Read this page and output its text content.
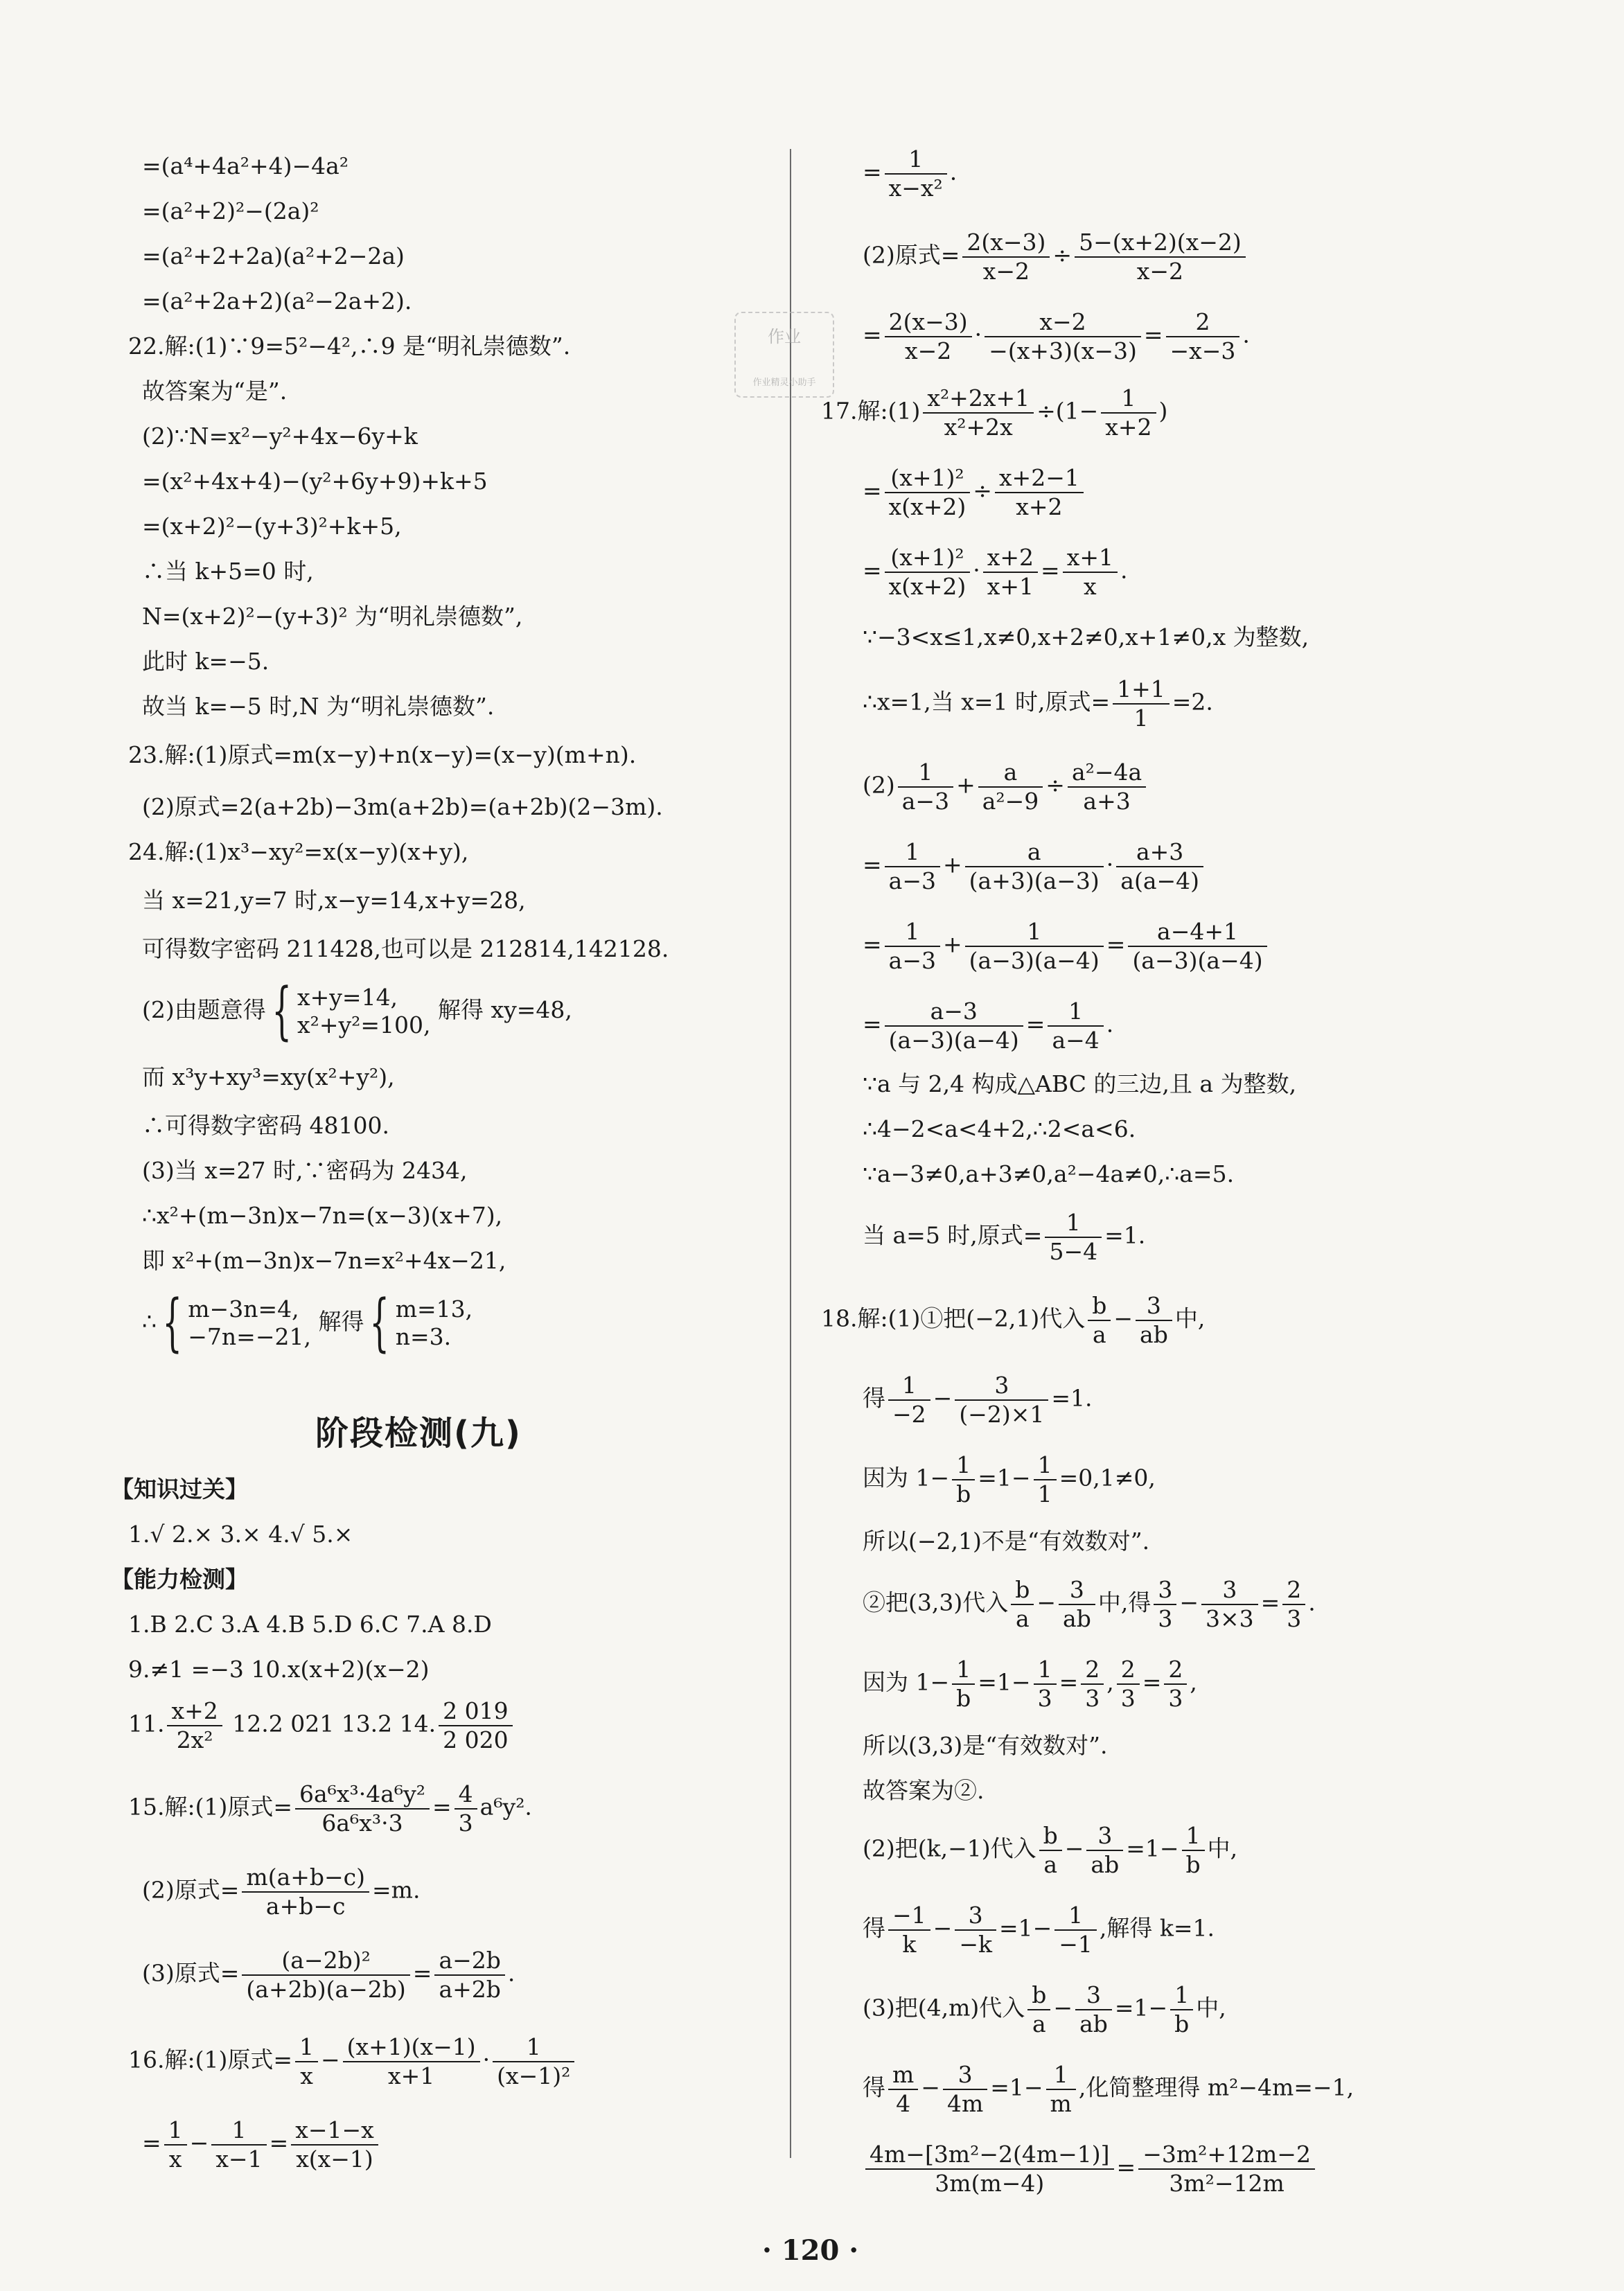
=(a⁴+4a²+4)−4a²
=(a²+2)²−(2a)²
=(a²+2+2a)(a²+2−2a)
=(a²+2a+2)(a²−2a+2).
22.解:(1)∵9=5²−4²,∴9 是“明礼崇德数”.
故答案为“是”.
(2)∵N=x²−y²+4x−6y+k
=(x²+4x+4)−(y²+6y+9)+k+5
=(x+2)²−(y+3)²+k+5,
∴当 k+5=0 时,
N=(x+2)²−(y+3)² 为“明礼崇德数”,
此时 k=−5.
故当 k=−5 时,N 为“明礼崇德数”.
23.解:(1)原式=m(x−y)+n(x−y)=(x−y)(m+n).
(2)原式=2(a+2b)−3m(a+2b)=(a+2b)(2−3m).
24.解:(1)x³−xy²=x(x−y)(x+y),
当 x=21,y=7 时,x−y=14,x+y=28,
可得数字密码 211428,也可以是 212814,142128.
(2)由题意得{ x+y=14,
x²+y²=100,
解得 xy=48,
而 x³y+xy³=xy(x²+y²),
∴可得数字密码 48100.
(3)当 x=27 时,∵密码为 2434,
∴x²+(m−3n)x−7n=(x−3)(x+7),
即 x²+(m−3n)x−7n=x²+4x−21,
∴{ m−3n=4,
−7n=−21,
解得{ m=13,
n=3.
阶段检测(九)
【知识过关】
1.√ 2.× 3.× 4.√ 5.×
【能力检测】
1.B 2.C 3.A 4.B 5.D 6.C 7.A 8.D
9.≠1 =−3 10.x(x+2)(x−2)
11. $\frac{x+2}{\text{2x²}} 12.2$ 021 13.2 14. $\frac{2 019}{2 020}$
15.解:(1)原式= $\frac{\text{6a⁶x³·4a⁶y²}}{\text{6a⁶x³·3}} = \frac{4}{3} a^6y^2$.
(2)原式= $\frac{m(a+b-c)}{a+b-c} =m$.
(3)原式= $\frac{\text{(a−2b)²}}{(a+2b)(a-2b)} = \frac{a-2b}{a+2b}$ .
16.解:(1)原式= $\frac{1}{x} - \frac{(x+1)(x-1)}{x+1} \cdot \frac{1}{\text{(x−1)²}}$
= $\frac{1}{x} - \frac{1}{x-1} = \frac{x-1-x}{x(x-1)}$
作业
作业精灵小助手
= $\frac{1}{\text{x−x²}}$ .
(2)原式= $\frac{2(x-3)}{x-2} \div \frac{5-(x+2)(x-2)}{x-2}$
= $\frac{2(x-3)}{x-2} \cdot \frac{x-2}{-(x+3)(x-3)} = \frac{2}{-x-3}$ .
17.解:(1) $\frac{\text{x²+2x+1}}{\text{x²+2x}} \div(1- \frac{1}{x+2}$ )
= $\frac{\text{(x+1)²}}{x(x+2)} \div \frac{x+2-1}{x+2}$
= $\frac{\text{(x+1)²}}{x(x+2)} \cdot \frac{x+2}{x+1} = \frac{x+1}{x}$ .
∵−3<x≤1,x≠0,x+2≠0,x+1≠0,x 为整数,
∴x=1,当 x=1 时,原式= $\frac{1+1}{1} =2$.
$(2) \frac{1}{a-3} + \frac{a}{\text{a²−9}} \div \frac{\text{a²−4a}}{a+3}$
= $\frac{1}{a-3} + \frac{a}{(a+3)(a-3)} \cdot \frac{a+3}{a(a-4)}$
= $\frac{1}{a-3} + \frac{1}{(a-3)(a-4)} = \frac{a-4+1}{(a-3)(a-4)}$
= $\frac{a-3}{(a-3)(a-4)} = \frac{1}{a-4}$ .
∵a 与 2,4 构成△ABC 的三边,且 a 为整数,
∴4−2<a<4+2,∴2<a<6.
∵a−3≠0,a+3≠0,a²−4a≠0,∴a=5.
当 a=5 时,原式= $\frac{1}{5-4} =1$.
18.解:(1)①把(−2,1)代入 $\frac{b}{a} - \frac{3}{ab}$ 中,
得 $\frac{1}{-2} - \frac{3}{(-2)\times 1} =1$.
因为 $1- \frac{1}{b} =1- \frac{1}{1} =0,1\ne 0$,
所以(−2,1)不是“有效数对”.
②把(3,3)代入 $\frac{b}{a} - \frac{3}{ab}$ 中,得 $\frac{3}{3} - \frac{3}{3\times 3} = \frac{2}{3}$ .
因为 $1- \frac{1}{b} =1- \frac{1}{3} = \frac{2}{3}$ , $\frac{2}{3} = \frac{2}{3}$ ,
所以(3,3)是“有效数对”.
故答案为②.
(2)把(k,−1)代入 $\frac{b}{a} - \frac{3}{ab} =1- \frac{1}{b}$ 中,
得 $\frac{-1}{k} - \frac{3}{-k} =1- \frac{1}{-1}$ ,解得 k=1.
(3)把(4,m)代入 $\frac{b}{a} - \frac{3}{ab} =1- \frac{1}{b}$ 中,
得 $\frac{m}{4} - \frac{3}{4m} =1- \frac{1}{m}$ ,化简整理得 m²−4m=−1,
$\frac{\text{4m−[3m²−2(4m−1)]}}{3m(m-4)} = \frac{\text{−3m²+12m−2}}{\text{3m²−12m}}$
· 120 ·
